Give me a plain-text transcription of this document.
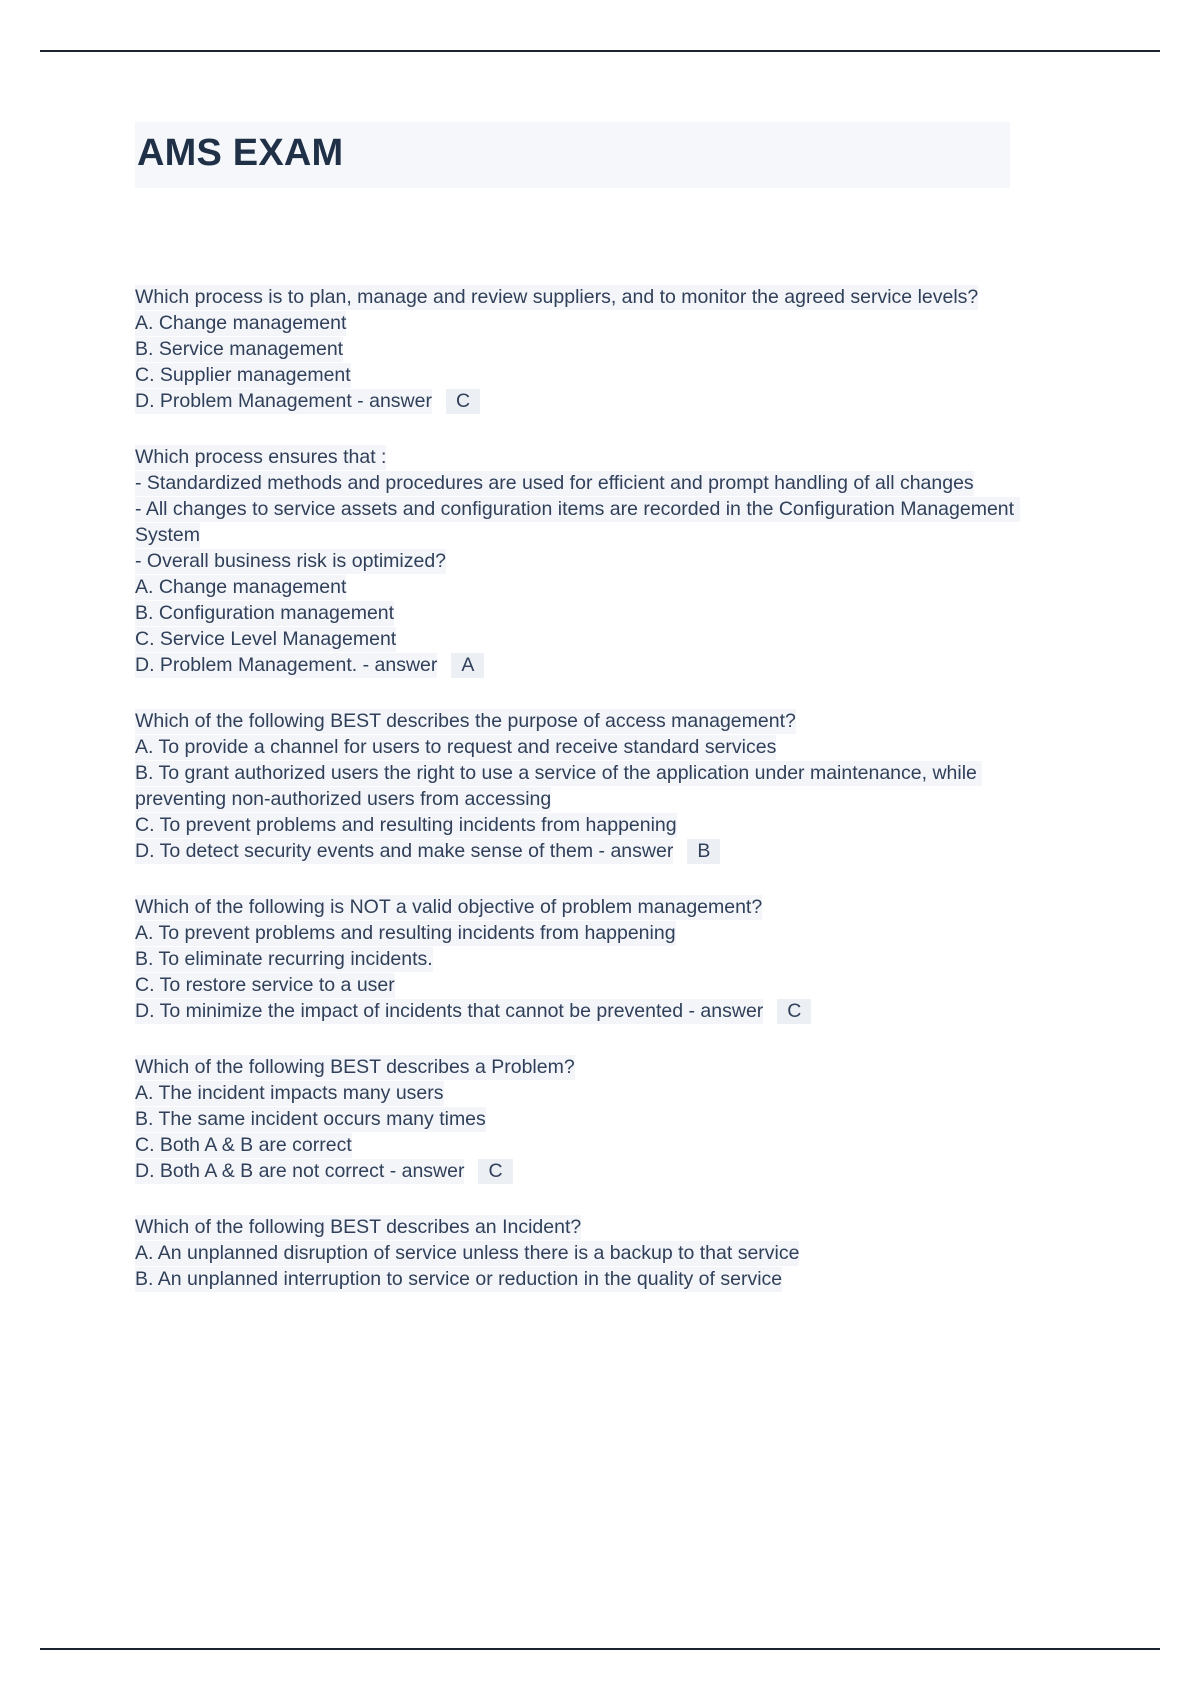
AMS EXAM
Which process is to plan, manage and review suppliers, and to monitor the agreed service levels?
A. Change management
B. Service management
C. Supplier management
D. Problem Management - answer C
Which process ensures that :
- Standardized methods and procedures are used for efficient and prompt handling of all changes
- All changes to service assets and configuration items are recorded in the Configuration Management System
- Overall business risk is optimized?
A. Change management
B. Configuration management
C. Service Level Management
D. Problem Management. - answer A
Which of the following BEST describes the purpose of access management?
A. To provide a channel for users to request and receive standard services
B. To grant authorized users the right to use a service of the application under maintenance, while preventing non-authorized users from accessing
C. To prevent problems and resulting incidents from happening
D. To detect security events and make sense of them - answer B
Which of the following is NOT a valid objective of problem management?
A. To prevent problems and resulting incidents from happening
B. To eliminate recurring incidents.
C. To restore service to a user
D. To minimize the impact of incidents that cannot be prevented - answer C
Which of the following BEST describes a Problem?
A. The incident impacts many users
B. The same incident occurs many times
C. Both A & B are correct
D. Both A & B are not correct - answer C
Which of the following BEST describes an Incident?
A. An unplanned disruption of service unless there is a backup to that service
B. An unplanned interruption to service or reduction in the quality of service
